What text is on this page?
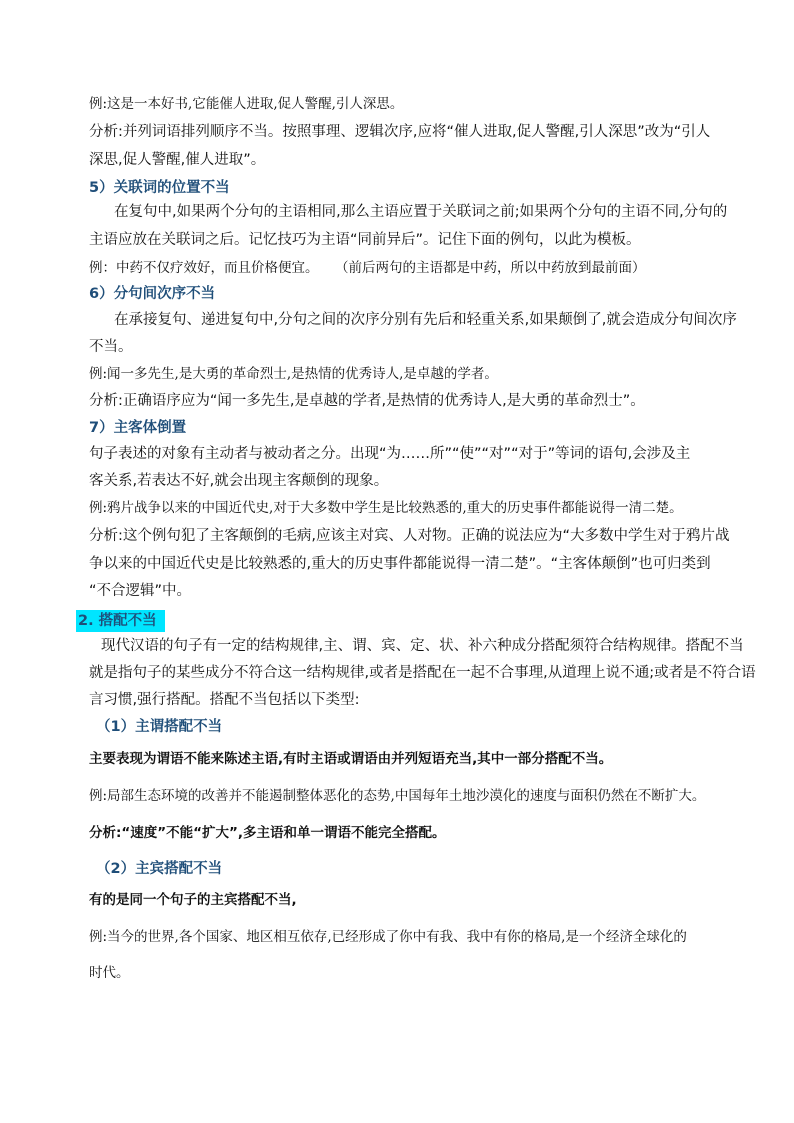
例:这是一本好书,它能催人进取,促人警醒,引人深思。
分析:并列词语排列顺序不当。按照事理、逻辑次序,应将“催人进取,促人警醒,引人深思”改为“引人
深思,促人警醒,催人进取”。
5）关联词的位置不当
在复句中,如果两个分句的主语相同,那么主语应置于关联词之前;如果两个分句的主语不同,分句的
主语应放在关联词之后。记忆技巧为主语“同前异后”。记住下面的例句，以此为模板。
例：中药不仅疗效好，而且价格便宜。 （前后两句的主语都是中药，所以中药放到最前面）
6）分句间次序不当
在承接复句、递进复句中,分句之间的次序分别有先后和轻重关系,如果颠倒了,就会造成分句间次序
不当。
例:闻一多先生,是大勇的革命烈士,是热情的优秀诗人,是卓越的学者。
分析:正确语序应为“闻一多先生,是卓越的学者,是热情的优秀诗人,是大勇的革命烈士”。
7）主客体倒置
句子表述的对象有主动者与被动者之分。出现“为……所”“使”“对”“对于”等词的语句,会涉及主
客关系,若表达不好,就会出现主客颠倒的现象。
例:鸦片战争以来的中国近代史,对于大多数中学生是比较熟悉的,重大的历史事件都能说得一清二楚。
分析:这个例句犯了主客颠倒的毛病,应该主对宾、人对物。正确的说法应为“大多数中学生对于鸦片战
争以来的中国近代史是比较熟悉的,重大的历史事件都能说得一清二楚”。“主客体颠倒”也可归类到
“不合逻辑”中。
2. 搭配不当
现代汉语的句子有一定的结构规律,主、谓、宾、定、状、补六种成分搭配须符合结构规律。搭配不当
就是指句子的某些成分不符合这一结构规律,或者是搭配在一起不合事理,从道理上说不通;或者是不符合语
言习惯,强行搭配。搭配不当包括以下类型:
（1）主谓搭配不当
主要表现为谓语不能来陈述主语,有时主语或谓语由并列短语充当,其中一部分搭配不当。
例:局部生态环境的改善并不能遏制整体恶化的态势,中国每年土地沙漠化的速度与面积仍然在不断扩大。
分析:“速度”不能“扩大”,多主语和单一谓语不能完全搭配。
（2）主宾搭配不当
有的是同一个句子的主宾搭配不当,
例:当今的世界,各个国家、地区相互依存,已经形成了你中有我、我中有你的格局,是一个经济全球化的
时代。
